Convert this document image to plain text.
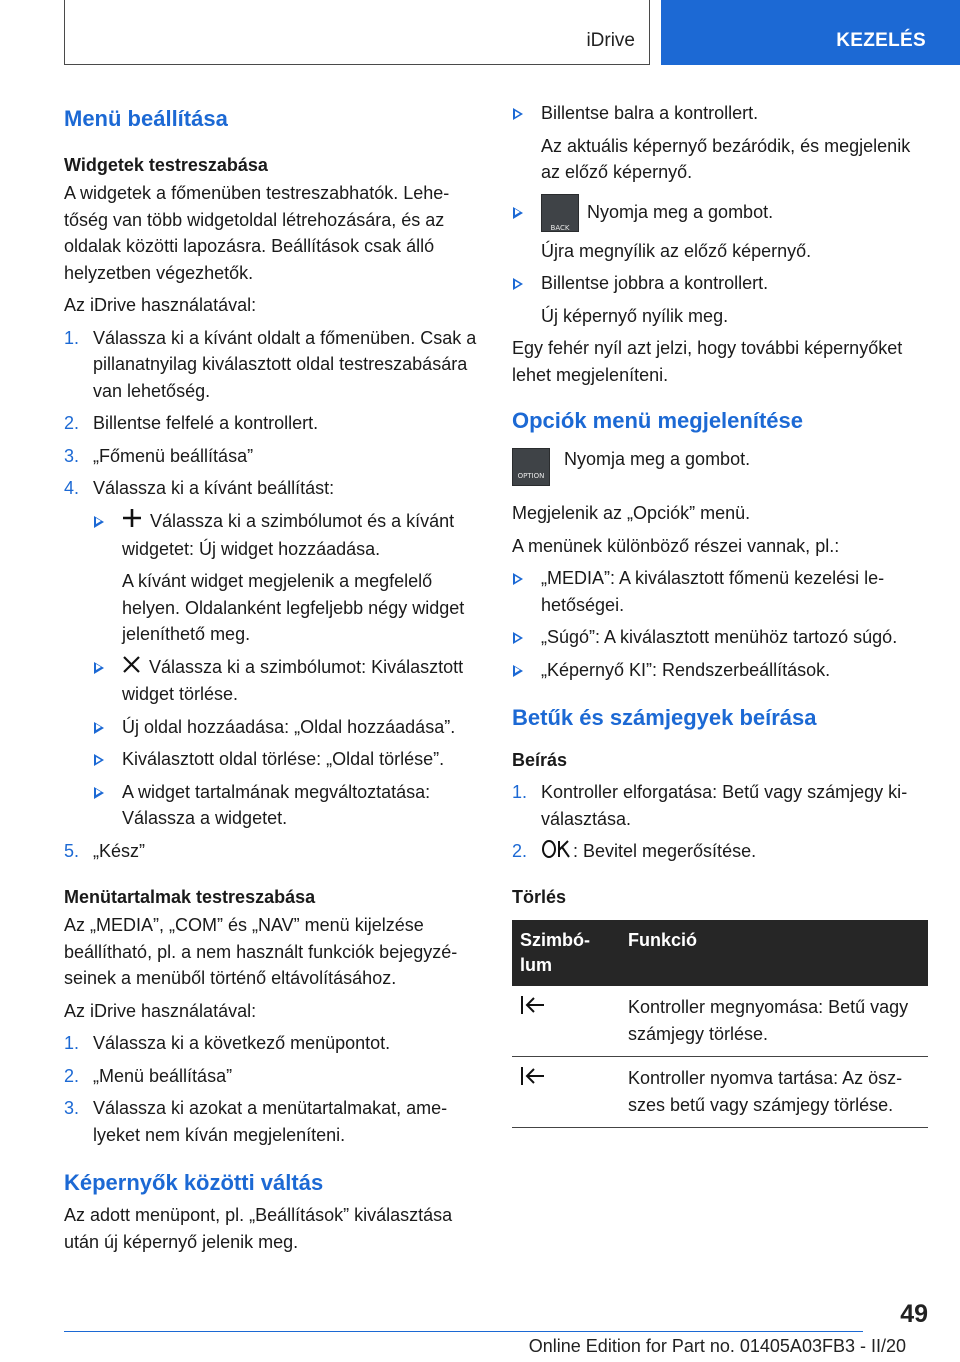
iDrive	KEZELÉS
Menü beállítása
Widgetek testreszabása
A widgetek a főmenüben testreszabhatók. Lehetőség van több widgetoldal létrehozására, és az oldalak közötti lapozásra. Beállítások csak álló helyzetben végezhetők.
Az iDrive használatával:
1. Válassza ki a kívánt oldalt a főmenüben. Csak a pillanatnyilag kiválasztott oldal testreszabására van lehetőség.
2. Billentse felfelé a kontrollert.
3. „Főmenü beállítása”
4. Válassza ki a kívánt beállítást:
Válassza ki a szimbólumot és a kívánt widgetet: Új widget hozzáadása.
A kívánt widget megjelenik a megfelelő helyen. Oldalanként legfeljebb négy widget jeleníthető meg.
Válassza ki a szimbólumot: Kiválasztott widget törlése.
Új oldal hozzáadása: „Oldal hozzáadása”.
Kiválasztott oldal törlése: „Oldal törlése”.
A widget tartalmának megváltoztatása: Válassza a widgetet.
5. „Kész”
Menütartalmak testreszabása
Az „MEDIA”, „COM” és „NAV” menü kijelzése beállítható, pl. a nem használt funkciók bejegyzéseinek a menüből történő eltávolításához.
Az iDrive használatával:
1. Válassza ki a következő menüpontot.
2. „Menü beállítása”
3. Válassza ki azokat a menütartalmakat, amelyeket nem kíván megjeleníteni.
Képernyők közötti váltás
Az adott menüpont, pl. „Beállítások” kiválasztása után új képernyő jelenik meg.
Billentse balra a kontrollert.
Az aktuális képernyő bezáródik, és megjelenik az előző képernyő.
BACK
Nyomja meg a gombot.
Újra megnyílik az előző képernyő.
Billentse jobbra a kontrollert.
Új képernyő nyílik meg.
Egy fehér nyíl azt jelzi, hogy további képernyőket lehet megjeleníteni.
Opciók menü megjelenítése
OPTION
Nyomja meg a gombot.
Megjelenik az „Opciók” menü.
A menünek különböző részei vannak, pl.:
„MEDIA”: A kiválasztott főmenü kezelési lehetőségei.
„Súgó”: A kiválasztott menühöz tartozó súgó.
„Képernyő KI”: Rendszerbeállítások.
Betűk és számjegyek beírása
Beírás
1. Kontroller elforgatása: Betű vagy számjegy kiválasztása.
2.	: Bevitel megerősítése.
Törlés
Szimbólum	Funkció
	Kontroller megnyomása: Betű vagy számjegy törlése.
	Kontroller nyomva tartása: Az öszszes betű vagy számjegy törlése.
49
Online Edition for Part no. 01405A03FB3 - II/20
